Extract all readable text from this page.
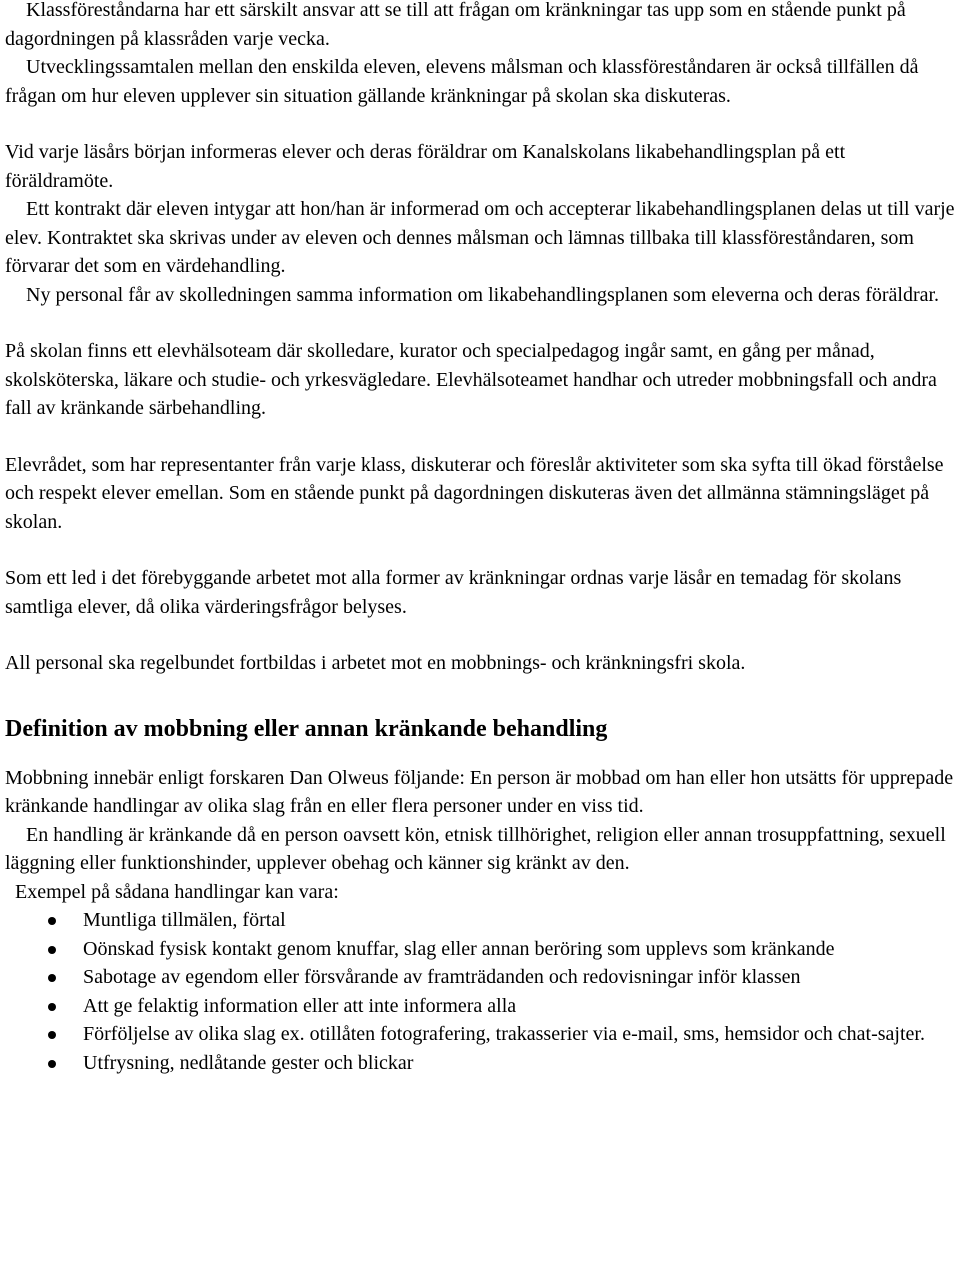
Klassföreståndarna har ett särskilt ansvar att se till att frågan om kränkningar tas upp som en stående punkt på dagordningen på klassråden varje vecka.

Utvecklingssamtalen mellan den enskilda eleven, elevens målsman och klassföreståndaren är också tillfällen då frågan om hur eleven upplever sin situation gällande kränkningar på skolan ska diskuteras.

Vid varje läsårs början informeras elever och deras föräldrar om Kanalskolans likabehandlingsplan på ett föräldramöte.

Ett kontrakt där eleven intygar att hon/han är informerad om och accepterar likabehandlingsplanen delas ut till varje elev. Kontraktet ska skrivas under av eleven och dennes målsman och lämnas tillbaka till klassföreståndaren, som förvarar det som en värdehandling.

Ny personal får av skolledningen samma information om likabehandlingsplanen som eleverna och deras föräldrar.

På skolan finns ett elevhälsoteam där skolledare, kurator och specialpedagog ingår samt, en gång per månad, skolsköterska, läkare och studie- och yrkesvägledare. Elevhälsoteamet handhar och utreder mobbningsfall och andra fall av kränkande särbehandling.

Elevrådet, som har representanter från varje klass, diskuterar och föreslår aktiviteter som ska syfta till ökad förståelse och respekt elever emellan. Som en stående punkt på dagordningen diskuteras även det allmänna stämningsläget på skolan.

Som ett led i det förebyggande arbetet mot alla former av kränkningar ordnas varje läsår en temadag för skolans samtliga elever, då olika värderingsfrågor belyses.

All personal ska regelbundet fortbildas i arbetet mot en mobbnings- och kränkningsfri skola.

Definition av mobbning eller annan kränkande behandling

Mobbning innebär enligt forskaren Dan Olweus följande: En person är mobbad om han eller hon utsätts för upprepade kränkande handlingar av olika slag från en eller flera personer under en viss tid.

En handling är kränkande då en person oavsett kön, etnisk tillhörighet, religion eller annan trosuppfattning, sexuell läggning eller funktionshinder, upplever obehag och känner sig kränkt av den.

Exempel på sådana handlingar kan vara:

Muntliga tillmälen, förtal
Oönskad fysisk kontakt genom knuffar, slag eller annan beröring som upplevs som kränkande
Sabotage av egendom eller försvårande av framträdanden och redovisningar inför klassen
Att ge felaktig information eller att inte informera alla
Förföljelse av olika slag ex. otillåten fotografering, trakasserier via e-mail, sms, hemsidor och chat-sajter.
Utfrysning, nedlåtande gester och blickar
